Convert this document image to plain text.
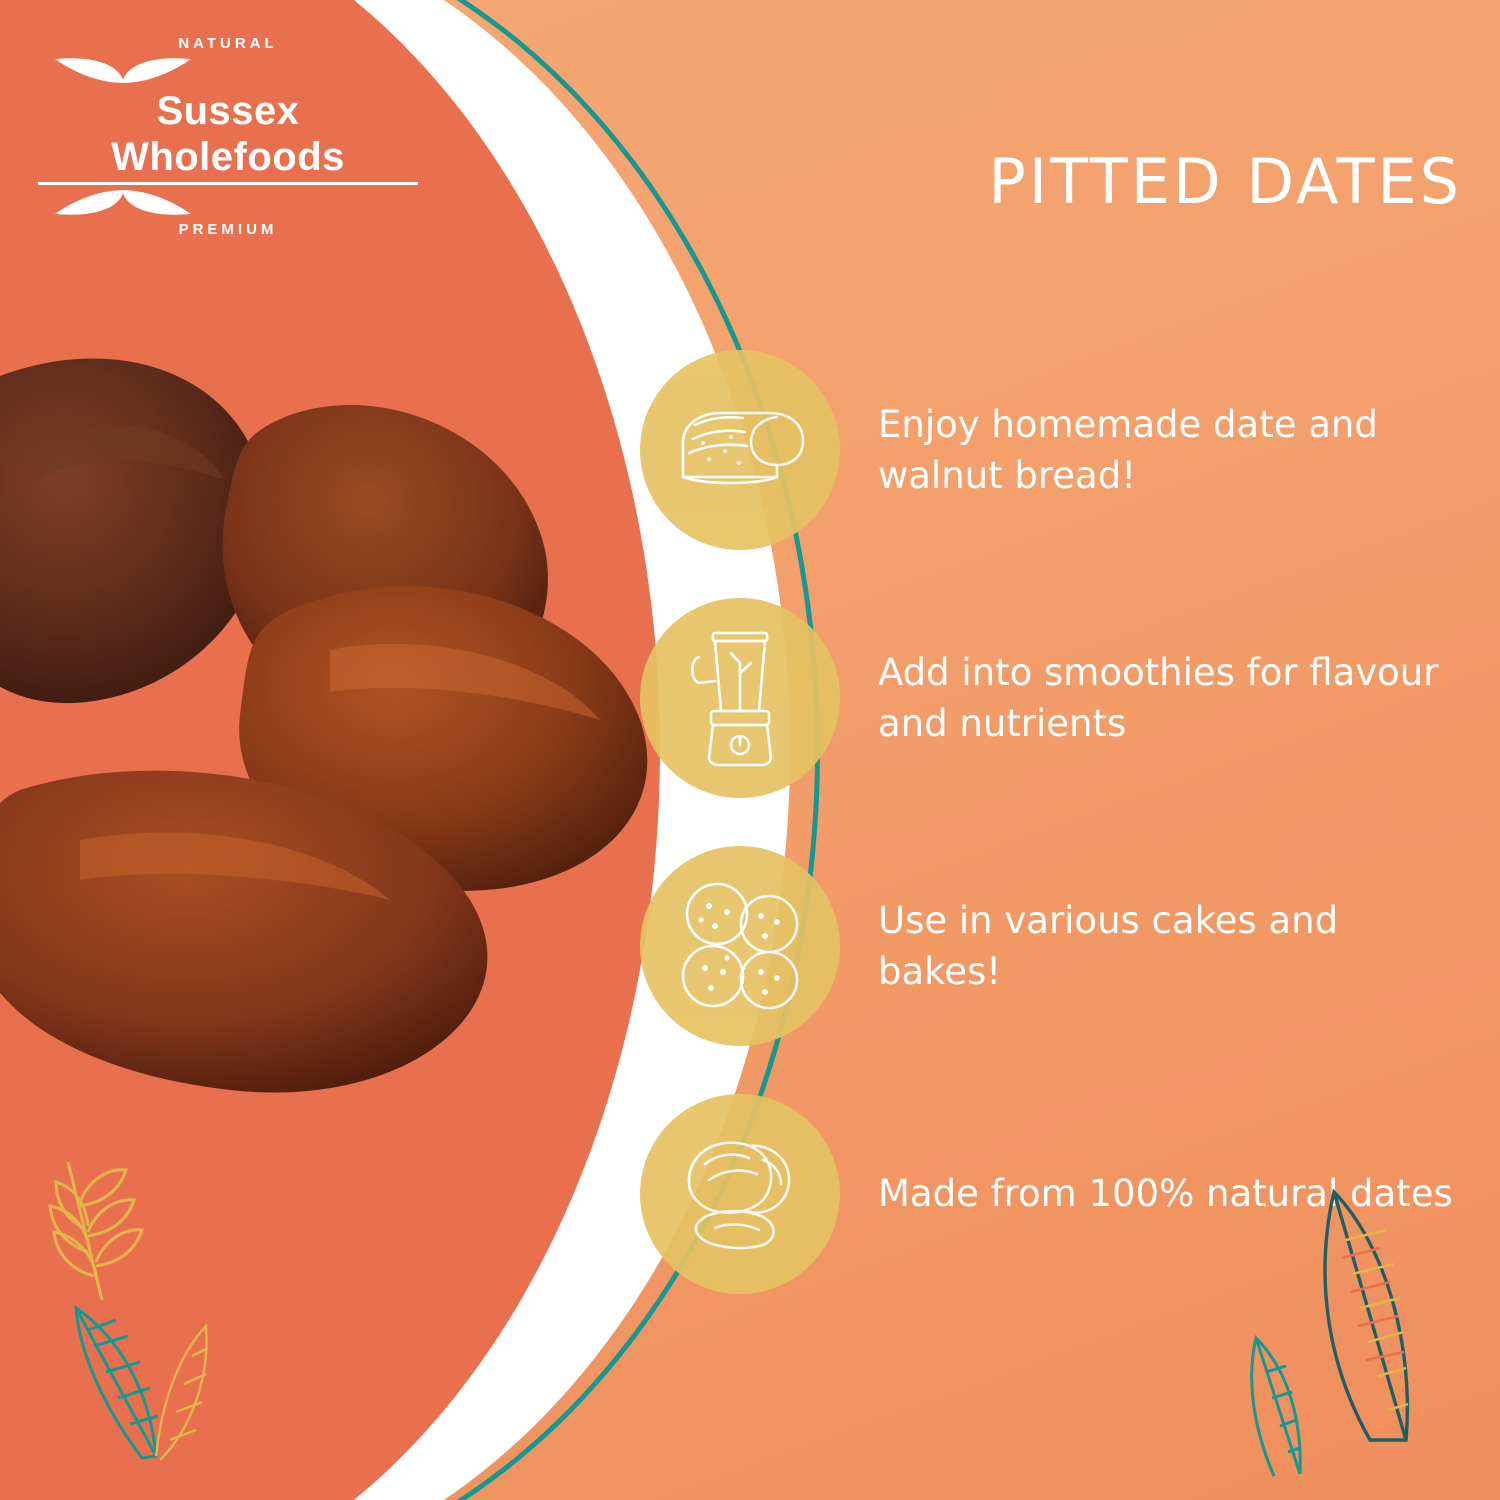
NATURAL
Sussex Wholefoods
PREMIUM
PITTED DATES
Enjoy homemade date and walnut bread!
Add into smoothies for flavour and nutrients
Use in various cakes and bakes!
Made from 100% natural dates
